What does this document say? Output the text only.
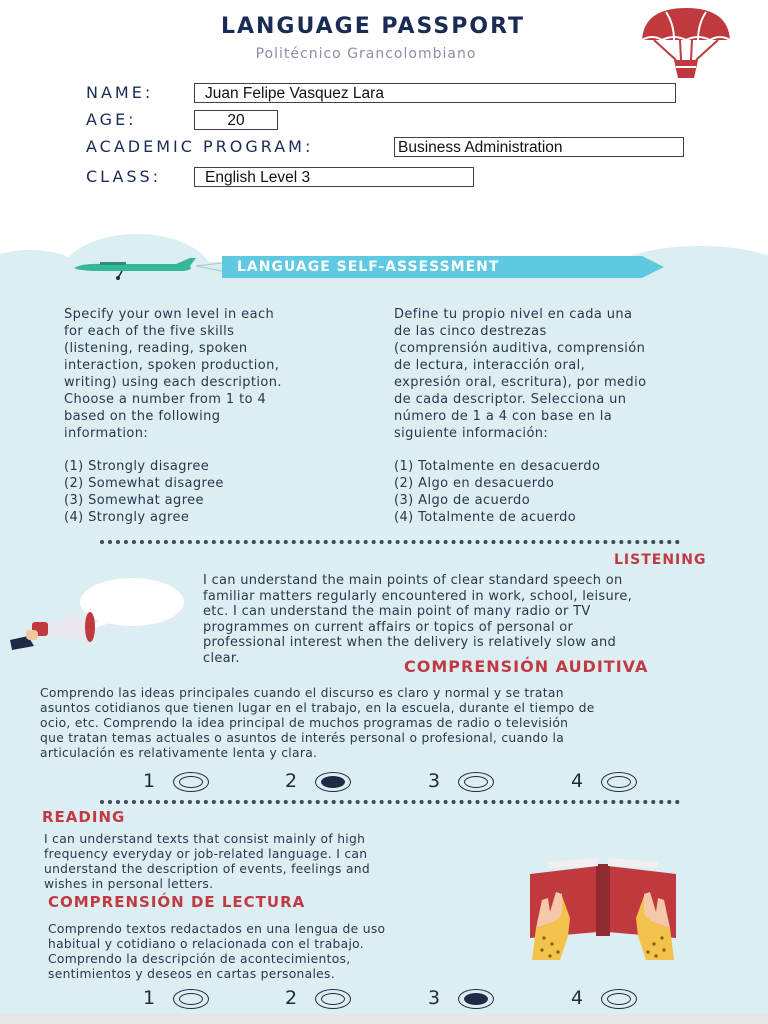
LANGUAGE PASSPORT
Politécnico Grancolombiano
NAME:	Juan Felipe Vasquez Lara
AGE:	20
ACADEMIC PROGRAM:	Business Administration
CLASS:	English Level 3
LANGUAGE SELF-ASSESSMENT

Specify your own level in each

for each of the five skills

(listening, reading, spoken

interaction, spoken production,

writing) using each description.

Choose a number from 1 to 4

based on the following

information:

Define tu propio nivel en cada una

de las cinco destrezas

(comprensión auditiva, comprensión

de lectura, interacción oral,

expresión oral, escritura), por medio

de cada descriptor. Selecciona un

número de 1 a 4 con base en la

siguiente información:

(1) Strongly disagree
(2) Somewhat disagree
(3) Somewhat agree
(4) Strongly agree
(1) Totalmente en desacuerdo
(2) Algo en desacuerdo
(3) Algo de acuerdo
(4) Totalmente de acuerdo
LISTENING
I can understand the main points of clear standard speech on
familiar matters regularly encountered in work, school, leisure,
etc. I can understand the main point of many radio or TV
programmes on current affairs or topics of personal or
professional interest when the delivery is relatively slow and
clear.	COMPRENSIÓN AUDITIVA
Comprendo las ideas principales cuando el discurso es claro y normal y se tratan
asuntos cotidianos que tienen lugar en el trabajo, en la escuela, durante el tiempo de
ocio, etc. Comprendo la idea principal de muchos programas de radio o televisión
que tratan temas actuales o asuntos de interés personal o profesional, cuando la
articulación es relativamente lenta y clara.
1	2	3	4
READING
I can understand texts that consist mainly of high
frequency everyday or job-related language. I can
understand the description of events, feelings and
wishes in personal letters.
COMPRENSIÓN DE LECTURA
Comprendo textos redactados en una lengua de uso
habitual y cotidiano o relacionada con el trabajo.
Comprendo la descripción de acontecimientos,
sentimientos y deseos en cartas personales.
1	2	3	4
